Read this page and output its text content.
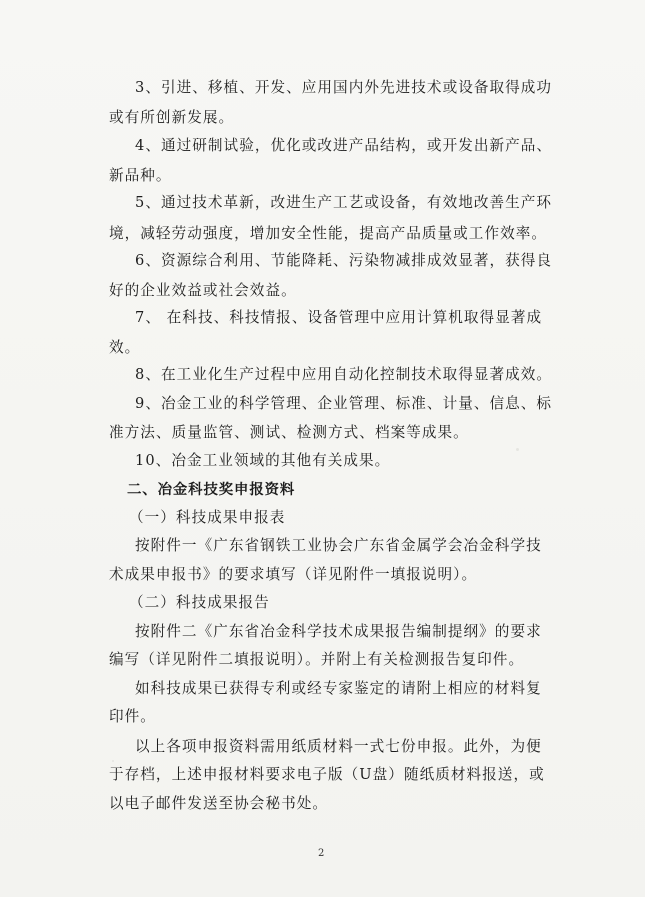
3、引进、移植、开发、应用国内外先进技术或设备取得成功
或有所创新发展。
4、通过研制试验，优化或改进产品结构，或开发出新产品、
新品种。
5、通过技术革新，改进生产工艺或设备，有效地改善生产环
境，减轻劳动强度，增加安全性能，提高产品质量或工作效率。
6、资源综合利用、节能降耗、污染物减排成效显著，获得良
好的企业效益或社会效益。
7、 在科技、科技情报、设备管理中应用计算机取得显著成
效。
8、在工业化生产过程中应用自动化控制技术取得显著成效。
9、冶金工业的科学管理、企业管理、标准、计量、信息、标
准方法、质量监管、测试、检测方式、档案等成果。
10、冶金工业领域的其他有关成果。
二、冶金科技奖申报资料
（一）科技成果申报表
按附件一《广东省钢铁工业协会广东省金属学会冶金科学技
术成果申报书》的要求填写（详见附件一填报说明）。
（二）科技成果报告
按附件二《广东省冶金科学技术成果报告编制提纲》的要求
编写（详见附件二填报说明）。并附上有关检测报告复印件。
如科技成果已获得专利或经专家鉴定的请附上相应的材料复
印件。
以上各项申报资料需用纸质材料一式七份申报。此外，为便
于存档，上述申报材料要求电子版（U盘）随纸质材料报送，或
以电子邮件发送至协会秘书处。
2
